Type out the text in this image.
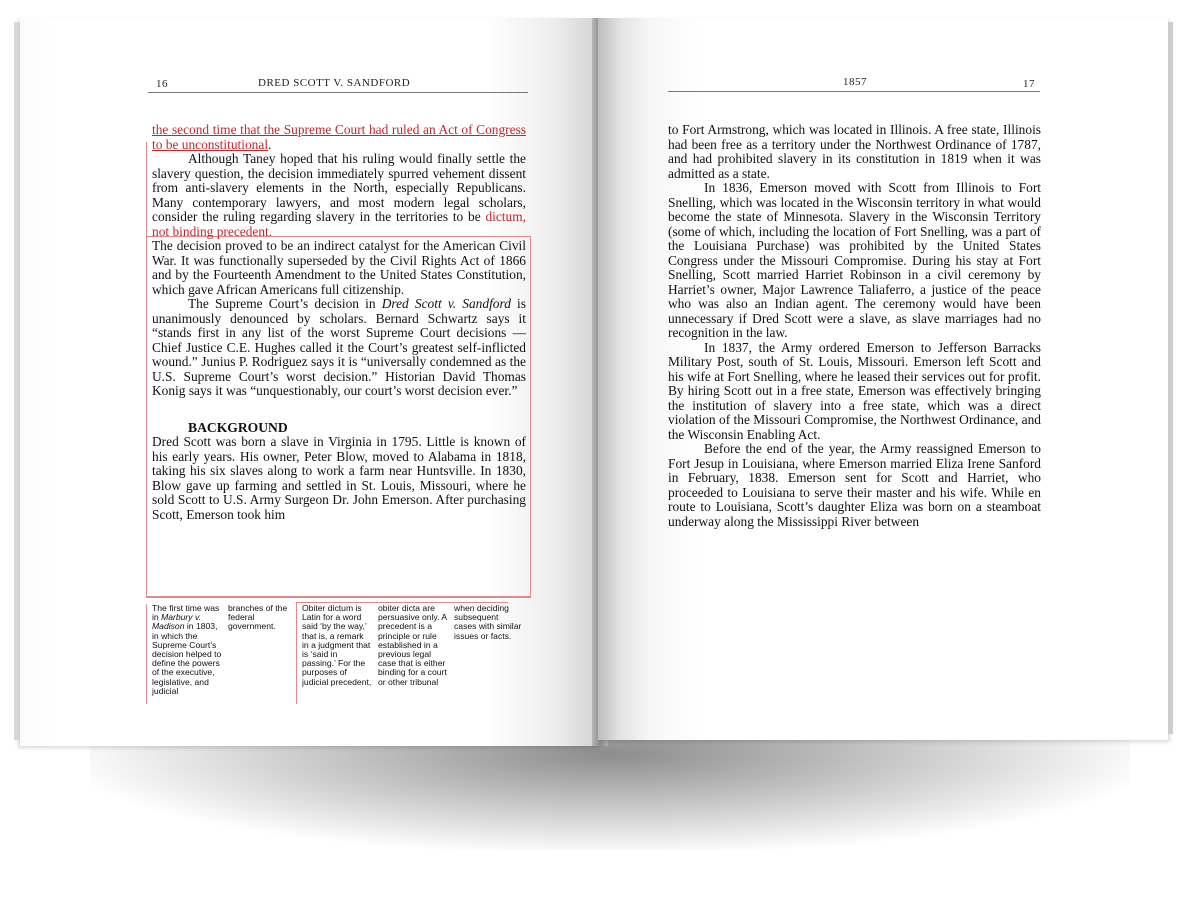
16	DRED SCOTT V. SANDFORD

the second time that the Supreme Court had ruled an Act of Congress to be unconstitutional.

Although Taney hoped that his ruling would finally settle the slavery question, the decision immediately spurred vehement dissent from anti-slavery elements in the North, especially Republicans. Many contemporary lawyers, and most modern legal scholars, consider the ruling regarding slavery in the territories to be dictum, not binding precedent.

The decision proved to be an indirect catalyst for the American Civil War. It was functionally superseded by the Civil Rights Act of 1866 and by the Fourteenth Amendment to the United States Constitution, which gave African Americans full citizenship.

The Supreme Court’s decision in Dred Scott v. Sandford is unanimously denounced by scholars. Bernard Schwartz says it “stands first in any list of the worst Supreme Court decisions — Chief Justice C.E. Hughes called it the Court’s greatest self-inflicted wound.” Junius P. Rodriguez says it is “universally condemned as the U.S. Supreme Court’s worst decision.” Historian David Thomas Konig says it was “unquestionably, our court’s worst decision ever.”

BACKGROUND

Dred Scott was born a slave in Virginia in 1795. Little is known of his early years. His owner, Peter Blow, moved to Alabama in 1818, taking his six slaves along to work a farm near Huntsville. In 1830, Blow gave up farming and settled in St. Louis, Missouri, where he sold Scott to U.S. Army Surgeon Dr. John Emerson. After purchasing Scott, Emerson took him

The first time was in Marbury v. Madison in 1803, in which the Supreme Court’s decision helped to define the powers of the executive, legislative, and judicial
branches of the federal government.
Obiter dictum is Latin for a word said ‘by the way,’ that is, a remark in a judgment that is ‘said in passing.’ For the purposes of judicial precedent,
obiter dicta are persuasive only. A precedent is a principle or rule established in a previous legal case that is either binding for a court or other tribunal
when deciding subsequent cases with similar issues or facts.
1857	17

to Fort Armstrong, which was located in Illinois. A free state, Illinois had been free as a territory under the Northwest Ordinance of 1787, and had prohibited slavery in its constitution in 1819 when it was admitted as a state.

In 1836, Emerson moved with Scott from Illinois to Fort Snelling, which was located in the Wisconsin territory in what would become the state of Minnesota. Slavery in the Wisconsin Territory (some of which, including the location of Fort Snelling, was a part of the Louisiana Purchase) was prohibited by the United States Congress under the Missouri Compromise. During his stay at Fort Snelling, Scott married Harriet Robinson in a civil ceremony by Harriet’s owner, Major Lawrence Taliaferro, a justice of the peace who was also an Indian agent. The ceremony would have been unnecessary if Dred Scott were a slave, as slave marriages had no recognition in the law.

In 1837, the Army ordered Emerson to Jefferson Barracks Military Post, south of St. Louis, Missouri. Emerson left Scott and his wife at Fort Snelling, where he leased their services out for profit. By hiring Scott out in a free state, Emerson was effectively bringing the institution of slavery into a free state, which was a direct violation of the Missouri Compromise, the Northwest Ordinance, and the Wisconsin Enabling Act.

Before the end of the year, the Army reassigned Emerson to Fort Jesup in Louisiana, where Emerson married Eliza Irene Sanford in February, 1838. Emerson sent for Scott and Harriet, who proceeded to Louisiana to serve their master and his wife. While en route to Louisiana, Scott’s daughter Eliza was born on a steamboat underway along the Mississippi River between
